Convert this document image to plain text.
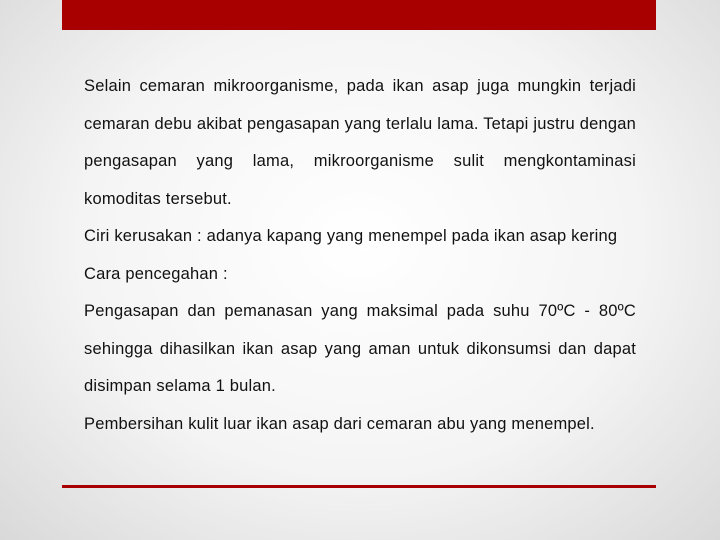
Selain cemaran mikroorganisme, pada ikan asap juga mungkin terjadi cemaran debu akibat pengasapan yang terlalu lama. Tetapi justru dengan pengasapan yang lama, mikroorganisme sulit mengkontaminasi komoditas tersebut.

Ciri kerusakan : adanya kapang yang menempel pada ikan asap kering

Cara pencegahan :

Pengasapan dan pemanasan yang maksimal pada suhu 70ºC - 80ºC sehingga dihasilkan ikan asap yang aman untuk dikonsumsi dan dapat disimpan selama 1 bulan.

Pembersihan kulit luar ikan asap dari cemaran abu yang menempel.
